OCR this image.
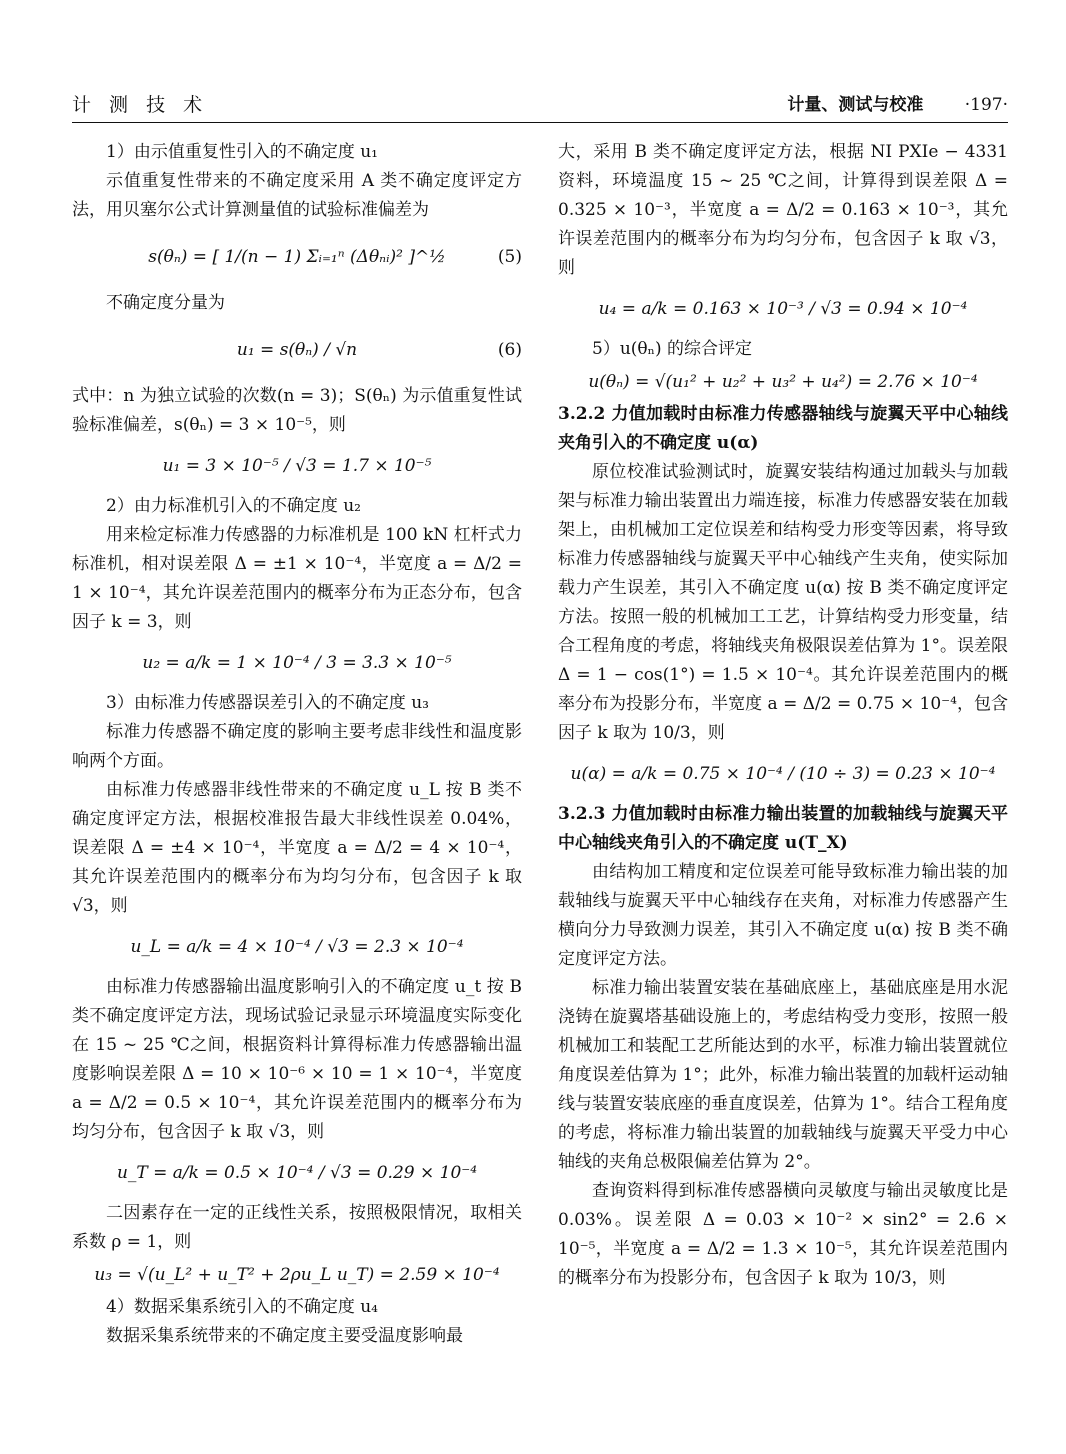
计 测 技 术	计量、测试与校准 ·197·

1）由示值重复性引入的不确定度 u₁

示值重复性带来的不确定度采用 A 类不确定度评定方法，用贝塞尔公式计算测量值的试验标准偏差为

s(θₙ) = [ 1/(n − 1) Σᵢ₌₁ⁿ (Δθₙᵢ)² ]^½	(5)

不确定度分量为

u₁ = s(θₙ) / √n	(6)

式中：n 为独立试验的次数(n = 3)；S(θₙ) 为示值重复性试验标准偏差，s(θₙ) = 3 × 10⁻⁵，则

u₁ = 3 × 10⁻⁵ / √3 = 1.7 × 10⁻⁵

2）由力标准机引入的不确定度 u₂

用来检定标准力传感器的力标准机是 100 kN 杠杆式力标准机，相对误差限 Δ = ±1 × 10⁻⁴，半宽度 a = Δ/2 = 1 × 10⁻⁴，其允许误差范围内的概率分布为正态分布，包含因子 k = 3，则

u₂ = a/k = 1 × 10⁻⁴ / 3 = 3.3 × 10⁻⁵

3）由标准力传感器误差引入的不确定度 u₃

标准力传感器不确定度的影响主要考虑非线性和温度影响两个方面。

由标准力传感器非线性带来的不确定度 u_L 按 B 类不确定度评定方法，根据校准报告最大非线性误差 0.04%，误差限 Δ = ±4 × 10⁻⁴，半宽度 a = Δ/2 = 4 × 10⁻⁴，其允许误差范围内的概率分布为均匀分布，包含因子 k 取 √3，则

u_L = a/k = 4 × 10⁻⁴ / √3 = 2.3 × 10⁻⁴

由标准力传感器输出温度影响引入的不确定度 u_t 按 B 类不确定度评定方法，现场试验记录显示环境温度实际变化在 15 ~ 25 ℃之间，根据资料计算得标准力传感器输出温度影响误差限 Δ = 10 × 10⁻⁶ × 10 = 1 × 10⁻⁴，半宽度 a = Δ/2 = 0.5 × 10⁻⁴，其允许误差范围内的概率分布为均匀分布，包含因子 k 取 √3，则

u_T = a/k = 0.5 × 10⁻⁴ / √3 = 0.29 × 10⁻⁴

二因素存在一定的正线性关系，按照极限情况，取相关系数 ρ = 1，则

u₃ = √(u_L² + u_T² + 2ρu_L u_T) = 2.59 × 10⁻⁴

4）数据采集系统引入的不确定度 u₄

数据采集系统带来的不确定度主要受温度影响最

大，采用 B 类不确定度评定方法，根据 NI PXIe − 4331 资料，环境温度 15 ~ 25 ℃之间，计算得到误差限 Δ = 0.325 × 10⁻³，半宽度 a = Δ/2 = 0.163 × 10⁻³，其允许误差范围内的概率分布为均匀分布，包含因子 k 取 √3，则

u₄ = a/k = 0.163 × 10⁻³ / √3 = 0.94 × 10⁻⁴

5）u(θₙ) 的综合评定

u(θₙ) = √(u₁² + u₂² + u₃² + u₄²) = 2.76 × 10⁻⁴

3.2.2 力值加载时由标准力传感器轴线与旋翼天平中心轴线夹角引入的不确定度 u(α)

原位校准试验测试时，旋翼安装结构通过加载头与加载架与标准力输出装置出力端连接，标准力传感器安装在加载架上，由机械加工定位误差和结构受力形变等因素，将导致标准力传感器轴线与旋翼天平中心轴线产生夹角，使实际加载力产生误差，其引入不确定度 u(α) 按 B 类不确定度评定方法。按照一般的机械加工工艺，计算结构受力形变量，结合工程角度的考虑，将轴线夹角极限误差估算为 1°。误差限 Δ = 1 − cos(1°) = 1.5 × 10⁻⁴。其允许误差范围内的概率分布为投影分布，半宽度 a = Δ/2 = 0.75 × 10⁻⁴，包含因子 k 取为 10/3，则

u(α) = a/k = 0.75 × 10⁻⁴ / (10 ÷ 3) = 0.23 × 10⁻⁴

3.2.3 力值加载时由标准力输出装置的加载轴线与旋翼天平中心轴线夹角引入的不确定度 u(T_X)

由结构加工精度和定位误差可能导致标准力输出装的加载轴线与旋翼天平中心轴线存在夹角，对标准力传感器产生横向分力导致测力误差，其引入不确定度 u(α) 按 B 类不确定度评定方法。

标准力输出装置安装在基础底座上，基础底座是用水泥浇铸在旋翼塔基础设施上的，考虑结构受力变形，按照一般机械加工和装配工艺所能达到的水平，标准力输出装置就位角度误差估算为 1°；此外，标准力输出装置的加载杆运动轴线与装置安装底座的垂直度误差，估算为 1°。结合工程角度的考虑，将标准力输出装置的加载轴线与旋翼天平受力中心轴线的夹角总极限偏差估算为 2°。

查询资料得到标准传感器横向灵敏度与输出灵敏度比是 0.03%。误差限 Δ = 0.03 × 10⁻² × sin2° = 2.6 × 10⁻⁵，半宽度 a = Δ/2 = 1.3 × 10⁻⁵，其允许误差范围内的概率分布为投影分布，包含因子 k 取为 10/3，则
